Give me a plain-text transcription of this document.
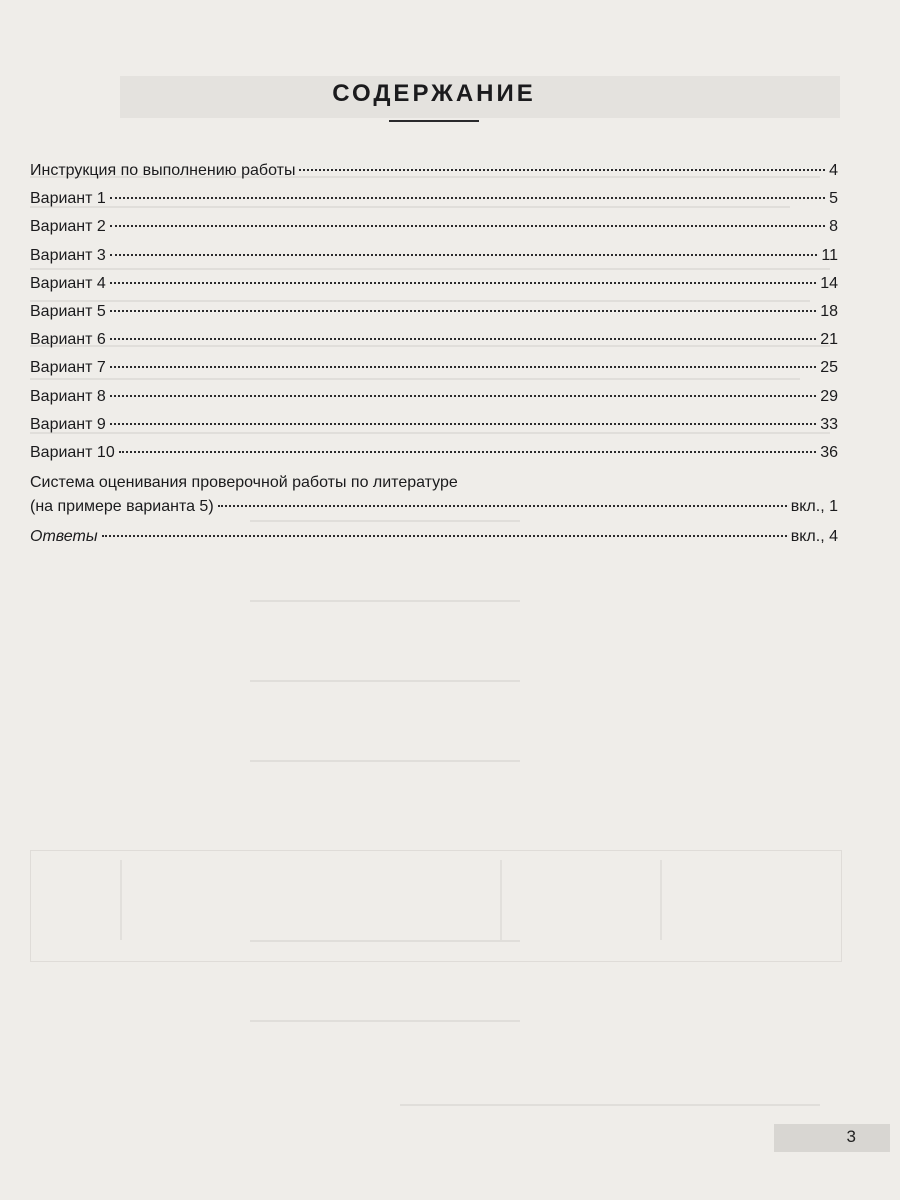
СОДЕРЖАНИЕ
Инструкция по выполнению работы	4
Вариант 1	5
Вариант 2	8
Вариант 3	11
Вариант 4	14
Вариант 5	18
Вариант 6	21
Вариант 7	25
Вариант 8	29
Вариант 9	33
Вариант 10	36
Система оценивания проверочной работы по литературе
(на примере варианта 5)	вкл., 1
Ответы	вкл., 4
3
